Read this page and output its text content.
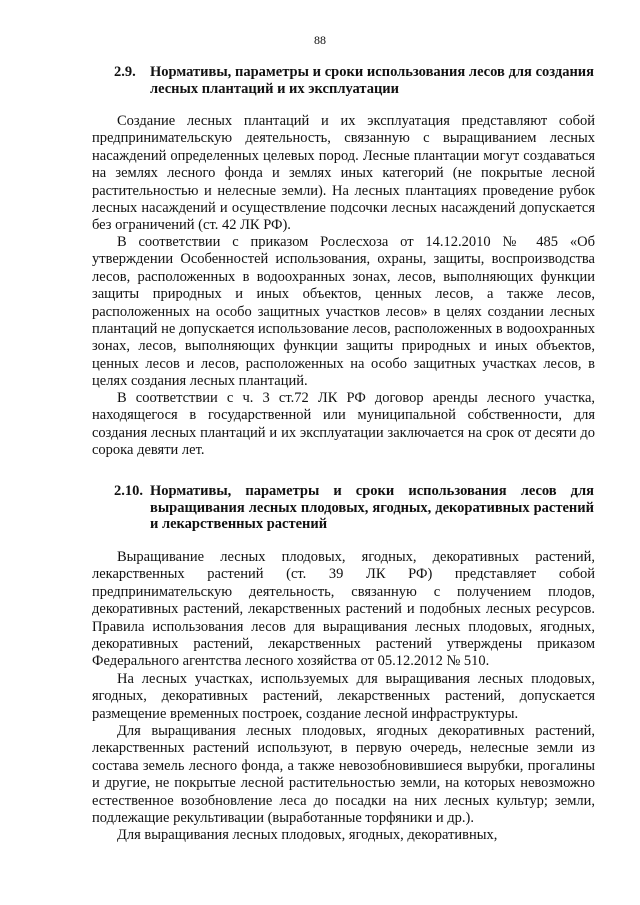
88
2.9. Нормативы, параметры и сроки использования лесов для создания лесных плантаций и их эксплуатации

Создание лесных плантаций и их эксплуатация представляют собой предпринимательскую деятельность, связанную с выращиванием лесных насаждений определенных целевых пород. Лесные плантации могут создаваться на землях лесного фонда и землях иных категорий (не покрытые лесной растительностью и нелесные земли). На лесных плантациях проведение рубок лесных насаждений и осуществление подсочки лесных насаждений допускается без ограничений (ст. 42 ЛК РФ).

В соответствии с приказом Рослесхоза от 14.12.2010 № 485 «Об утверждении Особенностей использования, охраны, защиты, воспроизводства лесов, расположенных в водоохранных зонах, лесов, выполняющих функции защиты природных и иных объектов, ценных лесов, а также лесов, расположенных на особо защитных участков лесов» в целях создании лесных плантаций не допускается использование лесов, расположенных в водоохранных зонах, лесов, выполняющих функции защиты природных и иных объектов, ценных лесов и лесов, расположенных на особо защитных участках лесов, в целях создания лесных плантаций.

В соответствии с ч. 3 ст.72 ЛК РФ договор аренды лесного участка, находящегося в государственной или муниципальной собственности, для создания лесных плантаций и их эксплуатации заключается на срок от десяти до сорока девяти лет.

2.10. Нормативы, параметры и сроки использования лесов для выращивания лесных плодовых, ягодных, декоративных растений и лекарственных растений

Выращивание лесных плодовых, ягодных, декоративных растений, лекарственных растений (ст. 39 ЛК РФ) представляет собой предпринимательскую деятельность, связанную с получением плодов, декоративных растений, лекарственных растений и подобных лесных ресурсов. Правила использования лесов для выращивания лесных плодовых, ягодных, декоративных растений, лекарственных растений утверждены приказом Федерального агентства лесного хозяйства от 05.12.2012 № 510.

На лесных участках, используемых для выращивания лесных плодовых, ягодных, декоративных растений, лекарственных растений, допускается размещение временных построек, создание лесной инфраструктуры.

Для выращивания лесных плодовых, ягодных декоративных растений, лекарственных растений используют, в первую очередь, нелесные земли из состава земель лесного фонда, а также невозобновившиеся вырубки, прогалины и другие, не покрытые лесной растительностью земли, на которых невозможно естественное возобновление леса до посадки на них лесных культур; земли, подлежащие рекультивации (выработанные торфяники и др.).

Для выращивания лесных плодовых, ягодных, декоративных,
